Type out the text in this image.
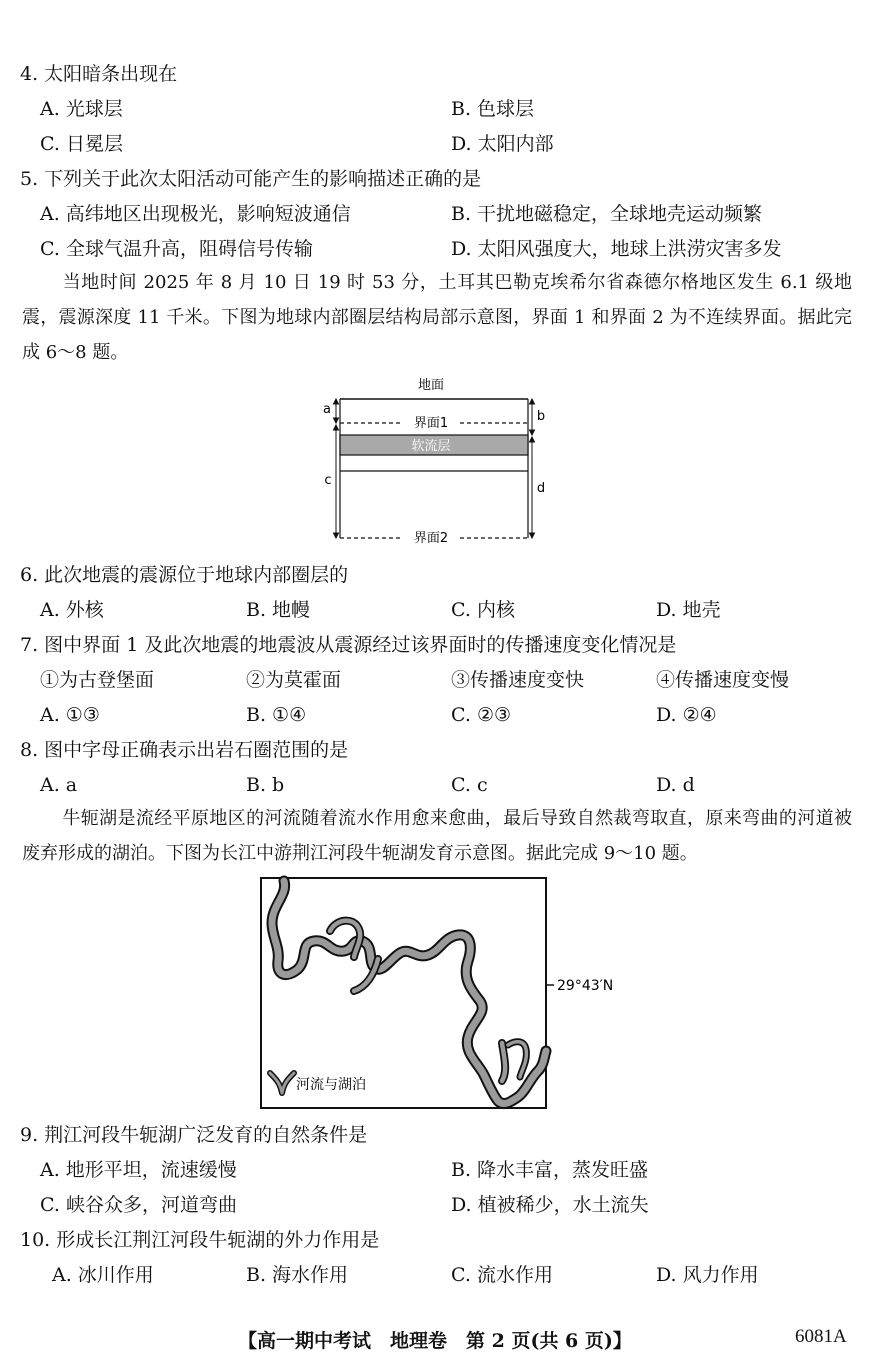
4. 太阳暗条出现在
A. 光球层	B. 色球层
C. 日冕层	D. 太阳内部
5. 下列关于此次太阳活动可能产生的影响描述正确的是
A. 高纬地区出现极光，影响短波通信	B. 干扰地磁稳定，全球地壳运动频繁
C. 全球气温升高，阻碍信号传输	D. 太阳风强度大，地球上洪涝灾害多发
当地时间 2025 年 8 月 10 日 19 时 53 分，土耳其巴勒克埃希尔省森德尔格地区发生 6.1 级地震，震源深度 11 千米。下图为地球内部圈层结构局部示意图，界面 1 和界面 2 为不连续界面。据此完成 6～8 题。
地面
界面1
软流层
界面2
a
c
b
d
6. 此次地震的震源位于地球内部圈层的
A. 外核	B. 地幔	C. 内核	D. 地壳
7. 图中界面 1 及此次地震的地震波从震源经过该界面时的传播速度变化情况是
①为古登堡面	②为莫霍面	③传播速度变快	④传播速度变慢
A. ①③	B. ①④	C. ②③	D. ②④
8. 图中字母正确表示出岩石圈范围的是
A. a	B. b	C. c	D. d
牛轭湖是流经平原地区的河流随着流水作用愈来愈曲，最后导致自然裁弯取直，原来弯曲的河道被废弃形成的湖泊。下图为长江中游荆江河段牛轭湖发育示意图。据此完成 9～10 题。
29°43′N
河流与湖泊
9. 荆江河段牛轭湖广泛发育的自然条件是
A. 地形平坦，流速缓慢	B. 降水丰富，蒸发旺盛
C. 峡谷众多，河道弯曲	D. 植被稀少，水土流失
10. 形成长江荆江河段牛轭湖的外力作用是
A. 冰川作用	B. 海水作用	C. 流水作用	D. 风力作用
【高一期中考试　地理卷　第 2 页(共 6 页)】	6081A
